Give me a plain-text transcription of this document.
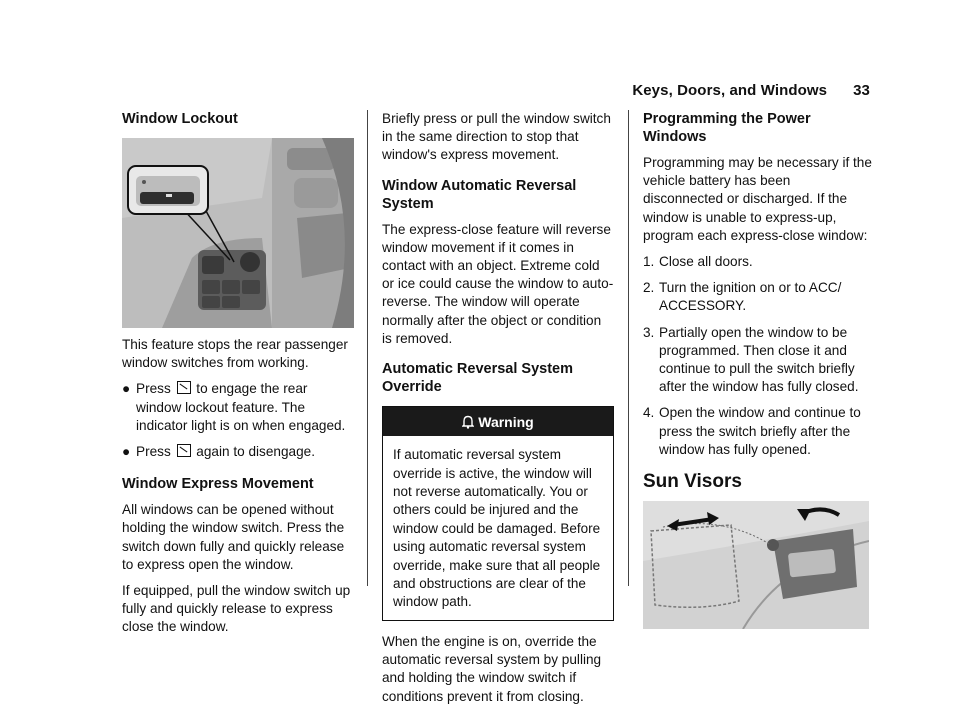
Keys, Doors, and Windows 33
Window Lockout

This feature stops the rear passenger window switches from working.

● Press  to engage the rear window lockout feature. The indicator light is on when engaged.
● Press  again to disengage.
Window Express Movement

All windows can be opened without holding the window switch. Press the switch down fully and quickly release to express open the window.

If equipped, pull the window switch up fully and quickly release to express close the window.

Briefly press or pull the window switch in the same direction to stop that window's express movement.

Window Automatic Reversal System

The express-close feature will reverse window movement if it comes in contact with an object. Extreme cold or ice could cause the window to auto-reverse. The window will operate normally after the object or condition is removed.

Automatic Reversal System Override
Warning
If automatic reversal system override is active, the window will not reverse automatically. You or others could be injured and the window could be damaged. Before using automatic reversal system override, make sure that all people and obstructions are clear of the window path.

When the engine is on, override the automatic reversal system by pulling and holding the window switch if conditions prevent it from closing.

Programming the Power Windows

Programming may be necessary if the vehicle battery has been disconnected or discharged. If the window is unable to express-up, program each express-close window:

1. Close all doors.
2. Turn the ignition on or to ACC/ ACCESSORY.
3. Partially open the window to be programmed. Then close it and continue to pull the switch briefly after the window has fully closed.
4. Open the window and continue to press the switch briefly after the window has fully opened.
Sun Visors
